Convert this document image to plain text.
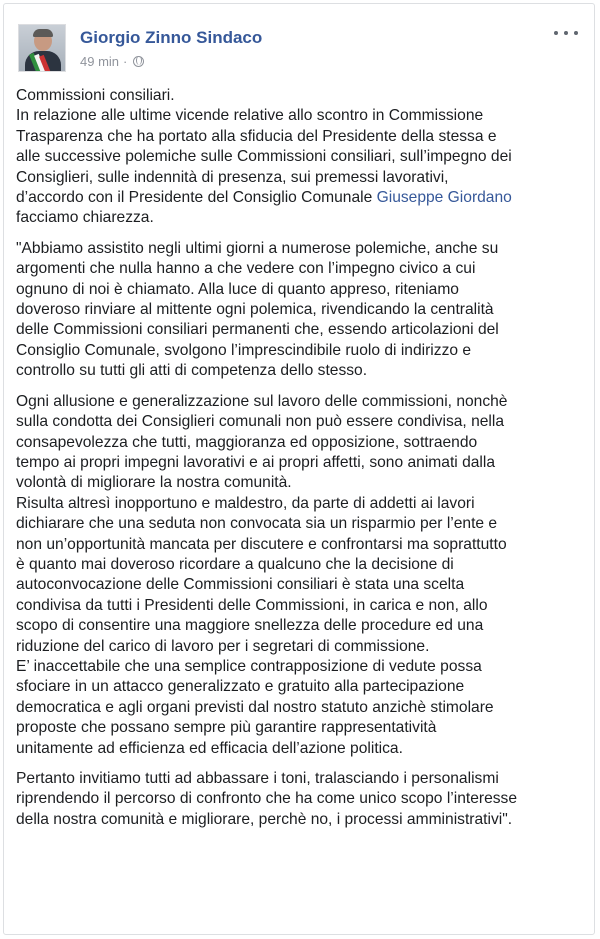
Giorgio Zinno Sindaco
49 min ·

Commissioni consiliari.
In relazione alle ultime vicende relative allo scontro in Commissione
Trasparenza che ha portato alla sfiducia del Presidente della stessa e
alle successive polemiche sulle Commissioni consiliari, sull’impegno dei
Consiglieri, sulle indennità di presenza, sui premessi lavorativi,
d’accordo con il Presidente del Consiglio Comunale Giuseppe Giordano
facciamo chiarezza.

"Abbiamo assistito negli ultimi giorni a numerose polemiche, anche su
argomenti che nulla hanno a che vedere con l’impegno civico a cui
ognuno di noi è chiamato. Alla luce di quanto appreso, riteniamo
doveroso rinviare al mittente ogni polemica, rivendicando la centralità
delle Commissioni consiliari permanenti che, essendo articolazioni del
Consiglio Comunale, svolgono l’imprescindibile ruolo di indirizzo e
controllo su tutti gli atti di competenza dello stesso.

Ogni allusione e generalizzazione sul lavoro delle commissioni, nonchè
sulla condotta dei Consiglieri comunali non può essere condivisa, nella
consapevolezza che tutti, maggioranza ed opposizione, sottraendo
tempo ai propri impegni lavorativi e ai propri affetti, sono animati dalla
volontà di migliorare la nostra comunità.
Risulta altresì inopportuno e maldestro, da parte di addetti ai lavori
dichiarare che una seduta non convocata sia un risparmio per l’ente e
non un’opportunità mancata per discutere e confrontarsi ma soprattutto
è quanto mai doveroso ricordare a qualcuno che la decisione di
autoconvocazione delle Commissioni consiliari è stata una scelta
condivisa da tutti i Presidenti delle Commissioni, in carica e non, allo
scopo di consentire una maggiore snellezza delle procedure ed una
riduzione del carico di lavoro per i segretari di commissione.
E’ inaccettabile che una semplice contrapposizione di vedute possa
sfociare in un attacco generalizzato e gratuito alla partecipazione
democratica e agli organi previsti dal nostro statuto anzichè stimolare
proposte che possano sempre più garantire rappresentatività
unitamente ad efficienza ed efficacia dell’azione politica.

Pertanto invitiamo tutti ad abbassare i toni, tralasciando i personalismi
riprendendo il percorso di confronto che ha come unico scopo l’interesse
della nostra comunità e migliorare, perchè no, i processi amministrativi".
